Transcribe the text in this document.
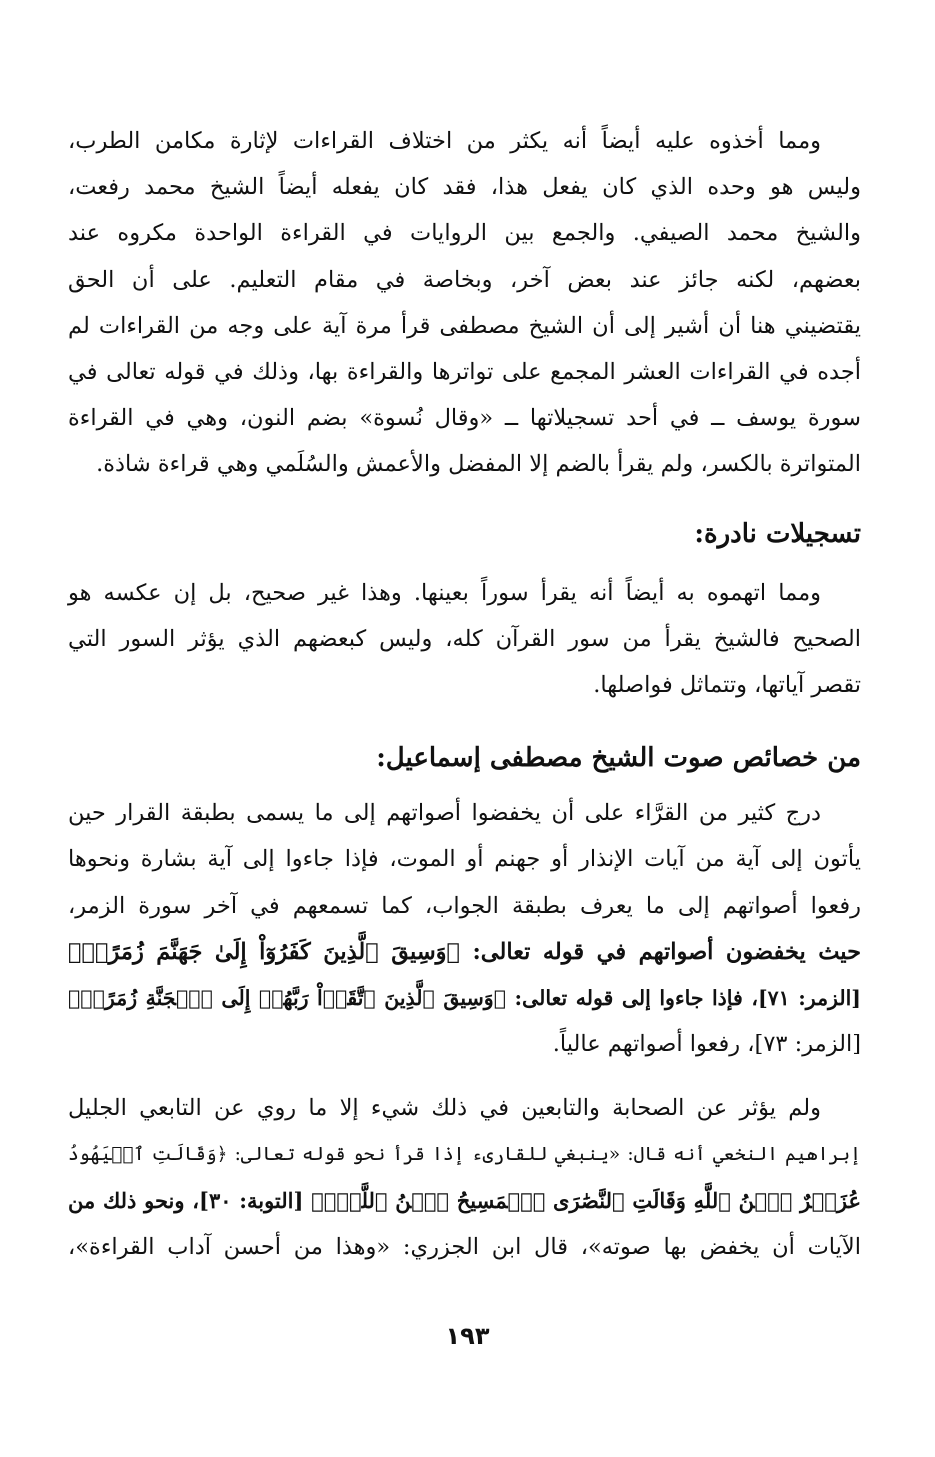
ومما أخذوه عليه أيضاً أنه يكثر من اختلاف القراءات لإثارة مكامن الطرب،
وليس هو وحده الذي كان يفعل هذا، فقد كان يفعله أيضاً الشيخ محمد رفعت،
والشيخ محمد الصيفي. والجمع بين الروايات في القراءة الواحدة مكروه عند
بعضهم، لكنه جائز عند بعض آخر، وبخاصة في مقام التعليم. على أن الحق
يقتضيني هنا أن أشير إلى أن الشيخ مصطفى قرأ مرة آية على وجه من القراءات لم
أجده في القراءات العشر المجمع على تواترها والقراءة بها، وذلك في قوله تعالى في
سورة يوسف ــ في أحد تسجيلاتها ــ «وقال نُسوة» بضم النون، وهي في القراءة
المتواترة بالكسر، ولم يقرأ بالضم إلا المفضل والأعمش والسُلَمي وهي قراءة شاذة.

تسجيلات نادرة:

ومما اتهموه به أيضاً أنه يقرأ سوراً بعينها. وهذا غير صحيح، بل إن عكسه هو
الصحيح فالشيخ يقرأ من سور القرآن كله، وليس كبعضهم الذي يؤثر السور التي
تقصر آياتها، وتتماثل فواصلها.

من خصائص صوت الشيخ مصطفى إسماعيل:

درج كثير من القرَّاء على أن يخفضوا أصواتهم إلى ما يسمى بطبقة القرار حين
يأتون إلى آية من آيات الإنذار أو جهنم أو الموت، فإذا جاءوا إلى آية بشارة ونحوها
رفعوا أصواتهم إلى ما يعرف بطبقة الجواب، كما تسمعهم في آخر سورة الزمر،
حيث يخفضون أصواتهم في قوله تعالى: ﴿وَسِيقَ ٱلَّذِينَ كَفَرُوٓاْ إِلَىٰ جَهَنَّمَ زُمَرًاۖ﴾
[الزمر: ٧١]، فإذا جاءوا إلى قوله تعالى: ﴿وَسِيقَ ٱلَّذِينَ ٱتَّقَوۡاْ رَبَّهُمۡ إِلَى ٱلۡجَنَّةِ زُمَرًاۖ﴾
[الزمر: ٧٣]، رفعوا أصواتهم عالياً.

ولم يؤثر عن الصحابة والتابعين في ذلك شيء إلا ما روي عن التابعي الجليل
إبراهيم النخعي أنه قال: «ينبغي للقارىء إذا قرأ نحو قوله تعالى: ﴿وَقَالَتِ ٱلۡيَهُودُ
عُزَيۡرٌ ٱبۡنُ ٱللَّهِ وَقَالَتِ ٱلنَّصَٰرَى ٱلۡمَسِيحُ ٱبۡنُ ٱللَّهِۖ﴾ [التوبة: ٣٠]، ونحو ذلك من
الآيات أن يخفض بها صوته»، قال ابن الجزري: «وهذا من أحسن آداب القراءة»،

١٩٣
